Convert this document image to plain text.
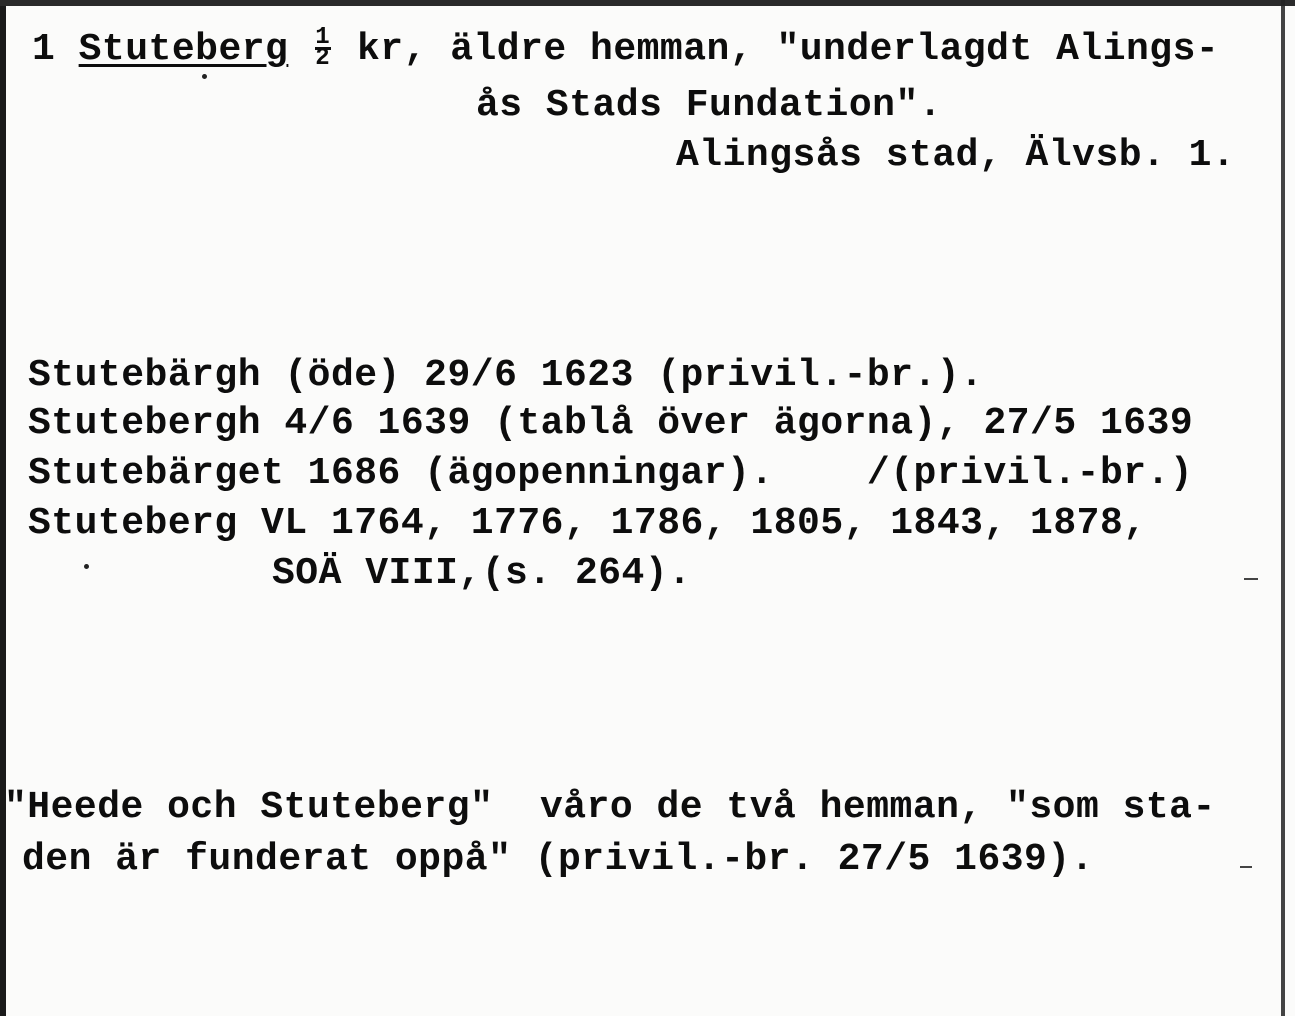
1 Stuteberg $\frac{1}{2}$ kr, äldre hemman, "underlagdt Alings-
ås Stads Fundation".
Alingsås stad, Älvsb. 1.
Stutebärgh (öde) 29/6 1623 (privil.-br.).
Stutebergh 4/6 1639 (tablå över ägorna), 27/5 1639
Stutebärget 1686 (ägopenningar).    /(privil.-br.)
Stuteberg VL 1764, 1776, 1786, 1805, 1843, 1878,
SOÄ VIII,(s. 264).
"Heede och Stuteberg"  våro de två hemman, "som sta-
den är funderat oppå" (privil.-br. 27/5 1639).
